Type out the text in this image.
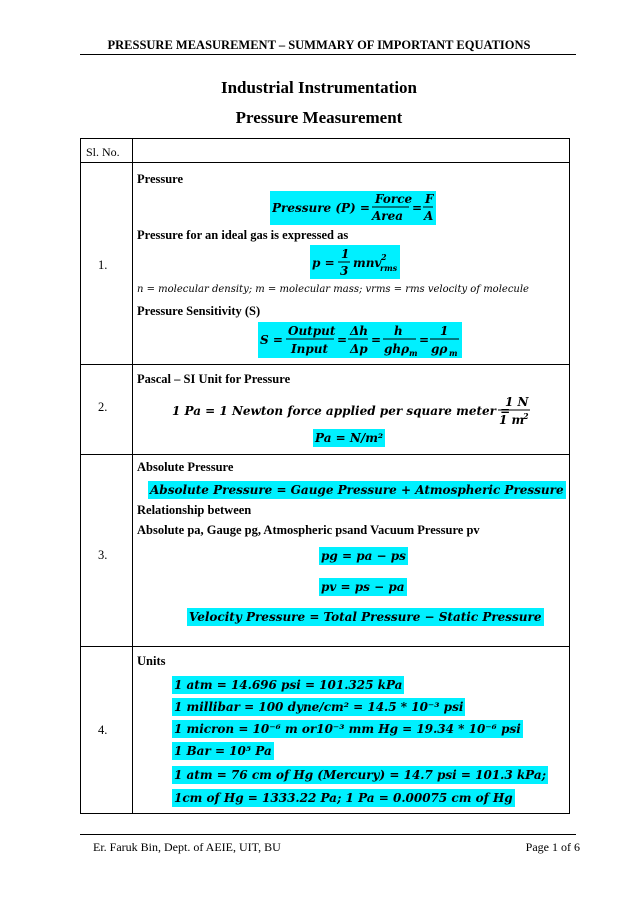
PRESSURE MEASUREMENT – SUMMARY OF IMPORTANT EQUATIONS
Industrial Instrumentation
Pressure Measurement
Sl. No.
1.
Pressure
Pressure (P) =
Force
Area
=
F
A
Pressure for an ideal gas is expressed as
p =
1
3
mnv 2
rms
n = molecular density; m = molecular mass; vrms = rms velocity of molecule
Pressure Sensitivity (S)
S =
Output
Input
=
Δh
Δp
=
h
ghρ m
=
1
gρ m
2.
Pascal – SI Unit for Pressure
1 Pa = 1 Newton force applied per square meter =
1 N
1 m
2
Pa = N/m²
3.
Absolute Pressure
Absolute Pressure = Gauge Pressure + Atmospheric Pressure
Relationship between
Absolute pa, Gauge pg, Atmospheric psand Vacuum Pressure pv
pg = pa − ps
pv = ps − pa
Velocity Pressure = Total Pressure − Static Pressure
4.
Units
1 atm = 14.696 psi = 101.325 kPa
1 millibar = 100 dyne/cm² = 14.5 * 10⁻³ psi
1 micron = 10⁻⁶ m or10⁻³ mm Hg = 19.34 * 10⁻⁶ psi
1 Bar = 10⁵ Pa
1 atm = 76 cm of Hg (Mercury) = 14.7 psi = 101.3 kPa;
1cm of Hg = 1333.22 Pa; 1 Pa = 0.00075 cm of Hg
Er. Faruk Bin, Dept. of AEIE, UIT, BU	Page 1 of 6
